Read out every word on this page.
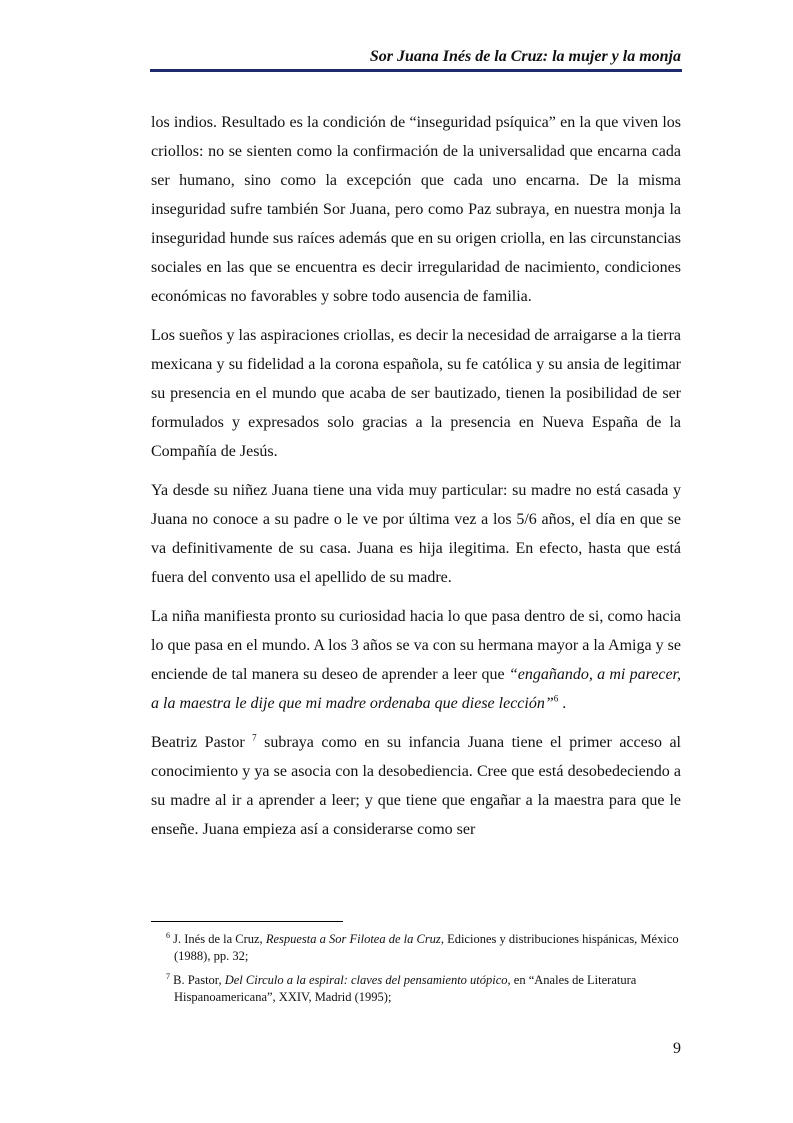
Sor Juana Inés de la Cruz: la mujer y la monja

los indios. Resultado es la condición de “inseguridad psíquica” en la que viven los criollos: no se sienten como la confirmación de la universalidad que encarna cada ser humano, sino como la excepción que cada uno encarna. De la misma inseguridad sufre también Sor Juana, pero como Paz subraya, en nuestra monja la inseguridad hunde sus raíces además que en su origen criolla, en las circunstancias sociales en las que se encuentra es decir irregularidad de nacimiento, condiciones económicas no favorables y sobre todo ausencia de familia.

Los sueños y las aspiraciones criollas, es decir la necesidad de arraigarse a la tierra mexicana y su fidelidad a la corona española, su fe católica y su ansia de legitimar su presencia en el mundo que acaba de ser bautizado, tienen la posibilidad de ser formulados y expresados solo gracias a la presencia en Nueva España de la Compañía de Jesús.

Ya desde su niñez Juana tiene una vida muy particular: su madre no está casada y Juana no conoce a su padre o le ve por última vez a los 5/6 años, el día en que se va definitivamente de su casa. Juana es hija ilegitima. En efecto, hasta que está fuera del convento usa el apellido de su madre.

La niña manifiesta pronto su curiosidad hacia lo que pasa dentro de si, como hacia lo que pasa en el mundo. A los 3 años se va con su hermana mayor a la Amiga y se enciende de tal manera su deseo de aprender a leer que “engañando, a mi parecer, a la maestra le dije que mi madre ordenaba que diese lección”$^6$ .

Beatriz Pastor $^7$ subraya como en su infancia Juana tiene el primer acceso al conocimiento y ya se asocia con la desobediencia. Cree que está desobedeciendo a su madre al ir a aprender a leer; y que tiene que engañar a la maestra para que le enseñe. Juana empieza así a considerarse como ser

$^6$ J. Inés de la Cruz, Respuesta a Sor Filotea de la Cruz, Ediciones y distribuciones hispánicas, México (1988), pp. 32;
$^7$ B. Pastor, Del Circulo a la espiral: claves del pensamiento utópico, en “Anales de Literatura Hispanoamericana”, XXIV, Madrid (1995);
9
